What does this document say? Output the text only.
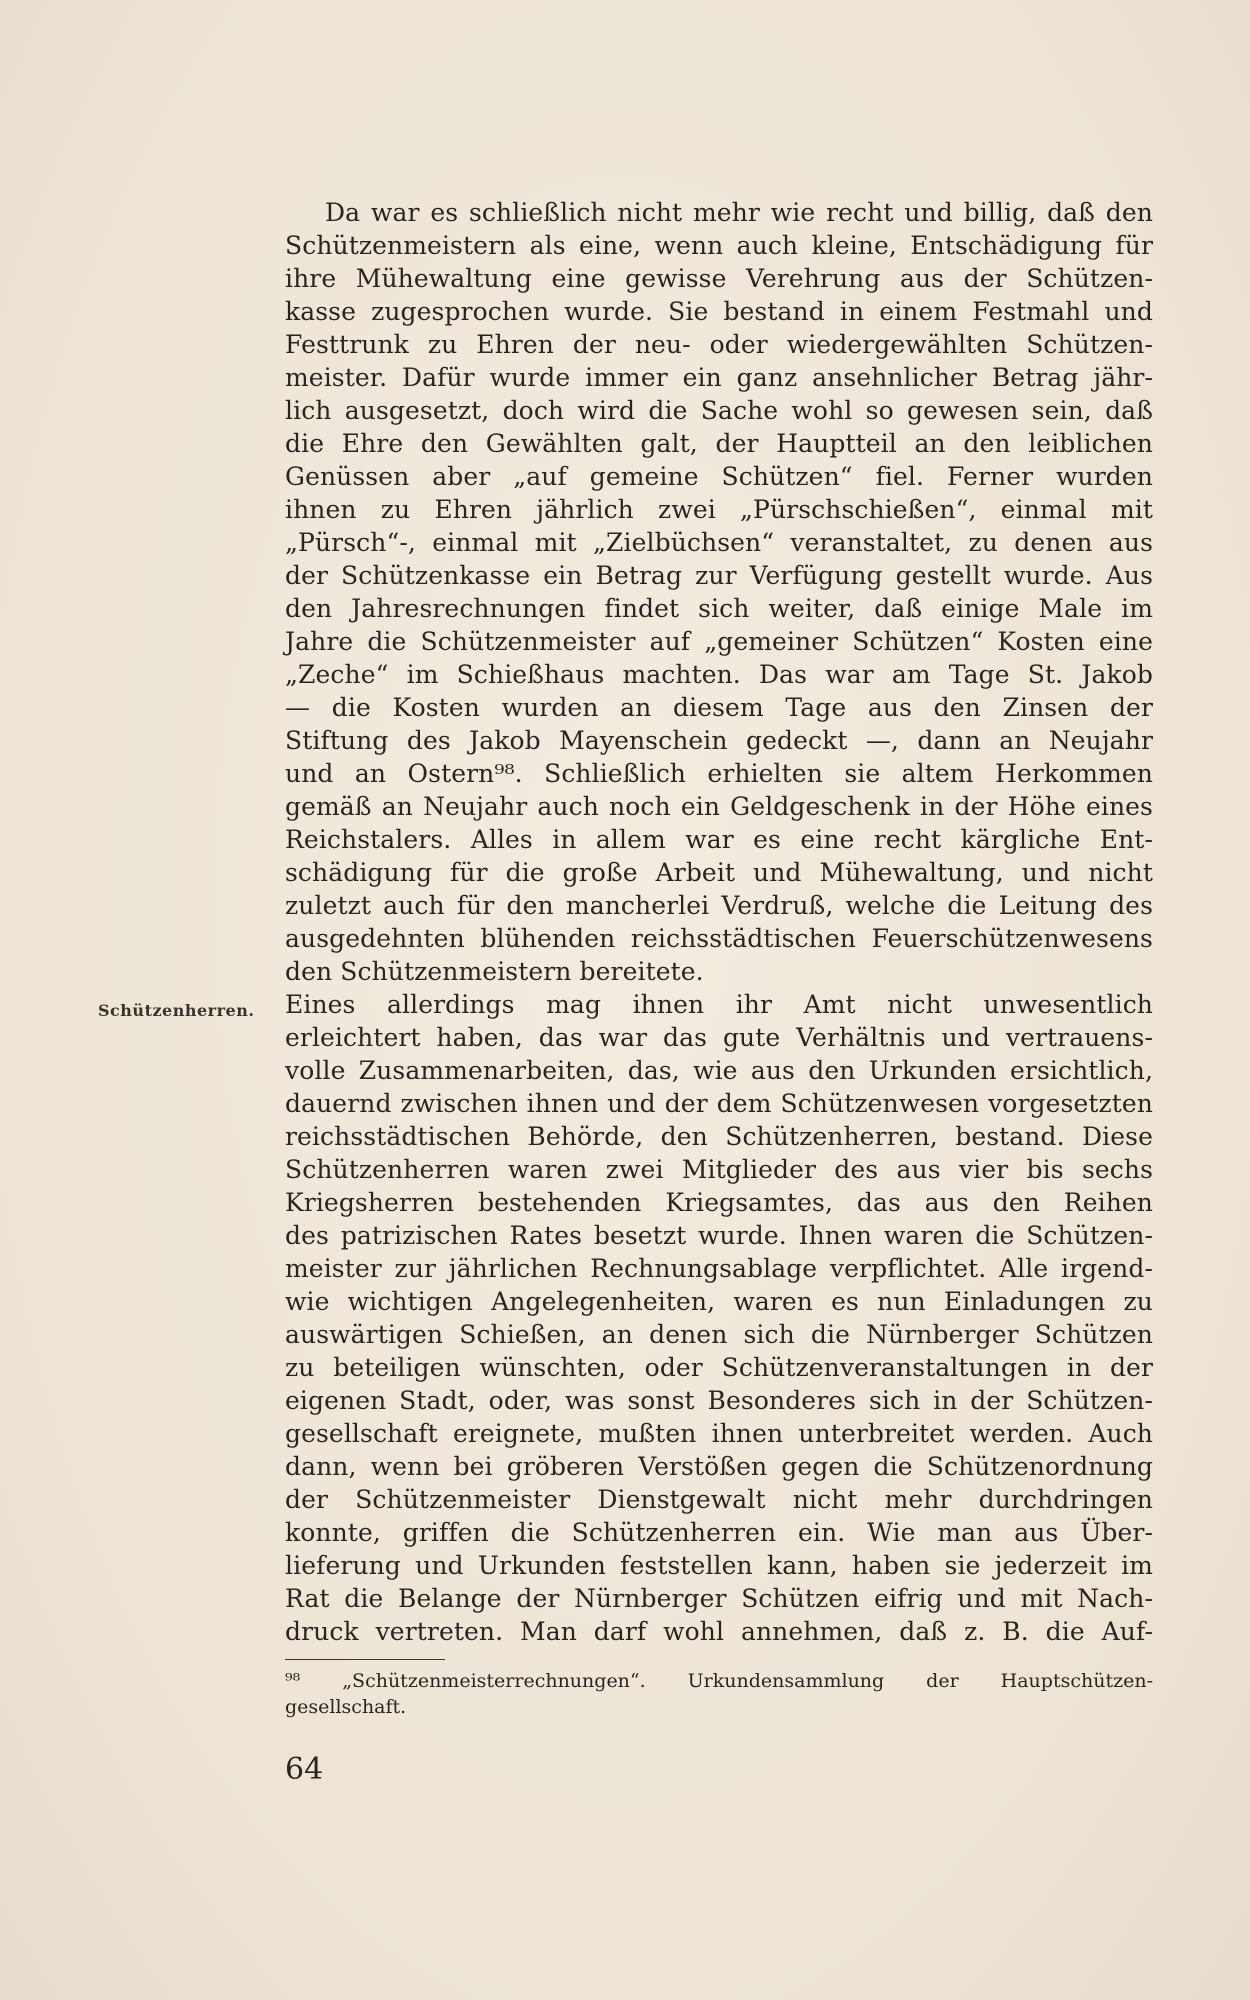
Da war es schließlich nicht mehr wie recht und billig, daß den
Schützenmeistern als eine, wenn auch kleine, Entschädigung für
ihre Mühewaltung eine gewisse Verehrung aus der Schützen-
kasse zugesprochen wurde. Sie bestand in einem Festmahl und
Festtrunk zu Ehren der neu- oder wiedergewählten Schützen-
meister. Dafür wurde immer ein ganz ansehnlicher Betrag jähr-
lich ausgesetzt, doch wird die Sache wohl so gewesen sein, daß
die Ehre den Gewählten galt, der Hauptteil an den leiblichen
Genüssen aber „auf gemeine Schützen“ fiel. Ferner wurden
ihnen zu Ehren jährlich zwei „Pürschschießen“, einmal mit
„Pürsch“-, einmal mit „Zielbüchsen“ veranstaltet, zu denen aus
der Schützenkasse ein Betrag zur Verfügung gestellt wurde. Aus
den Jahresrechnungen findet sich weiter, daß einige Male im
Jahre die Schützenmeister auf „gemeiner Schützen“ Kosten eine
„Zeche“ im Schießhaus machten. Das war am Tage St. Jakob
— die Kosten wurden an diesem Tage aus den Zinsen der
Stiftung des Jakob Mayenschein gedeckt —, dann an Neujahr
und an Ostern⁹⁸. Schließlich erhielten sie altem Herkommen
gemäß an Neujahr auch noch ein Geldgeschenk in der Höhe eines
Reichstalers. Alles in allem war es eine recht kärgliche Ent-
schädigung für die große Arbeit und Mühewaltung, und nicht
zuletzt auch für den mancherlei Verdruß, welche die Leitung des
ausgedehnten blühenden reichsstädtischen Feuerschützenwesens
den Schützenmeistern bereitete.
Eines allerdings mag ihnen ihr Amt nicht unwesentlich
erleichtert haben, das war das gute Verhältnis und vertrauens-
volle Zusammenarbeiten, das, wie aus den Urkunden ersichtlich,
dauernd zwischen ihnen und der dem Schützenwesen vorgesetzten
reichsstädtischen Behörde, den Schützenherren, bestand. Diese
Schützenherren waren zwei Mitglieder des aus vier bis sechs
Kriegsherren bestehenden Kriegsamtes, das aus den Reihen
des patrizischen Rates besetzt wurde. Ihnen waren die Schützen-
meister zur jährlichen Rechnungsablage verpflichtet. Alle irgend-
wie wichtigen Angelegenheiten, waren es nun Einladungen zu
auswärtigen Schießen, an denen sich die Nürnberger Schützen
zu beteiligen wünschten, oder Schützenveranstaltungen in der
eigenen Stadt, oder, was sonst Besonderes sich in der Schützen-
gesellschaft ereignete, mußten ihnen unterbreitet werden. Auch
dann, wenn bei gröberen Verstößen gegen die Schützenordnung
der Schützenmeister Dienstgewalt nicht mehr durchdringen
konnte, griffen die Schützenherren ein. Wie man aus Über-
lieferung und Urkunden feststellen kann, haben sie jederzeit im
Rat die Belange der Nürnberger Schützen eifrig und mit Nach-
druck vertreten. Man darf wohl annehmen, daß z. B. die Auf-
Schützenherren.
⁹⁸ „Schützenmeisterrechnungen“. Urkundensammlung der Hauptschützen-
gesellschaft.
64
